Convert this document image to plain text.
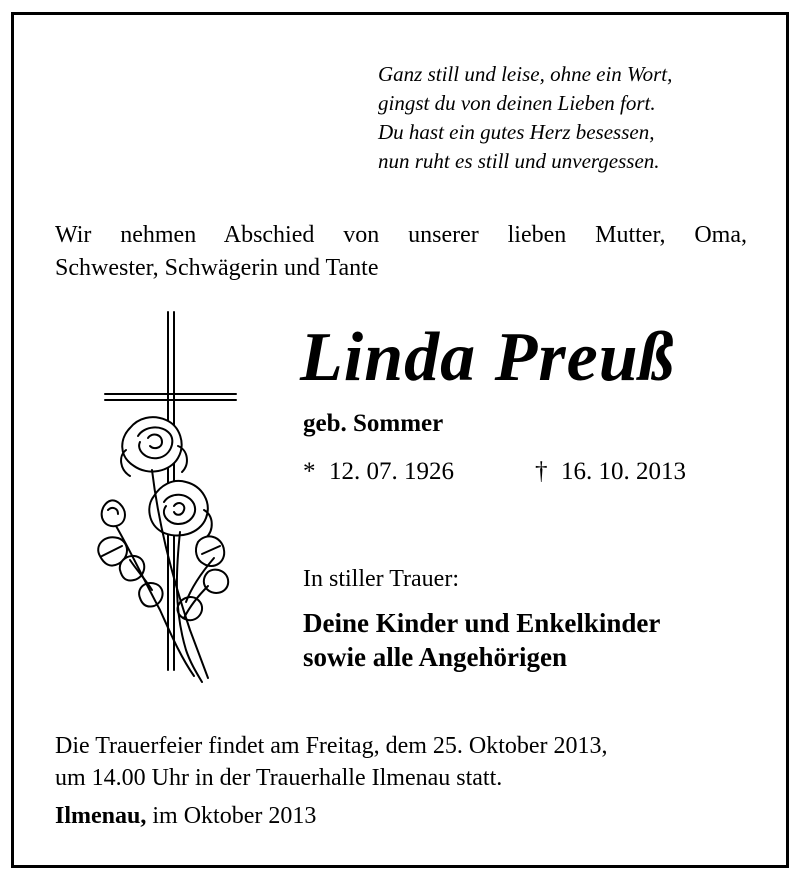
Ganz still und leise, ohne ein Wort,
gingst du von deinen Lieben fort.
Du hast ein gutes Herz besessen,
nun ruht es still und unvergessen.
Wir nehmen Abschied von unserer lieben Mutter, Oma,
Schwester, Schwägerin und Tante
Linda Preuß
geb. Sommer
* 12. 07. 1926	† 16. 10. 2013
In stiller Trauer:
Deine Kinder und Enkelkinder
sowie alle Angehörigen
Die Trauerfeier findet am Freitag, dem 25. Oktober 2013,
um 14.00 Uhr in der Trauerhalle Ilmenau statt.
Ilmenau, im Oktober 2013
